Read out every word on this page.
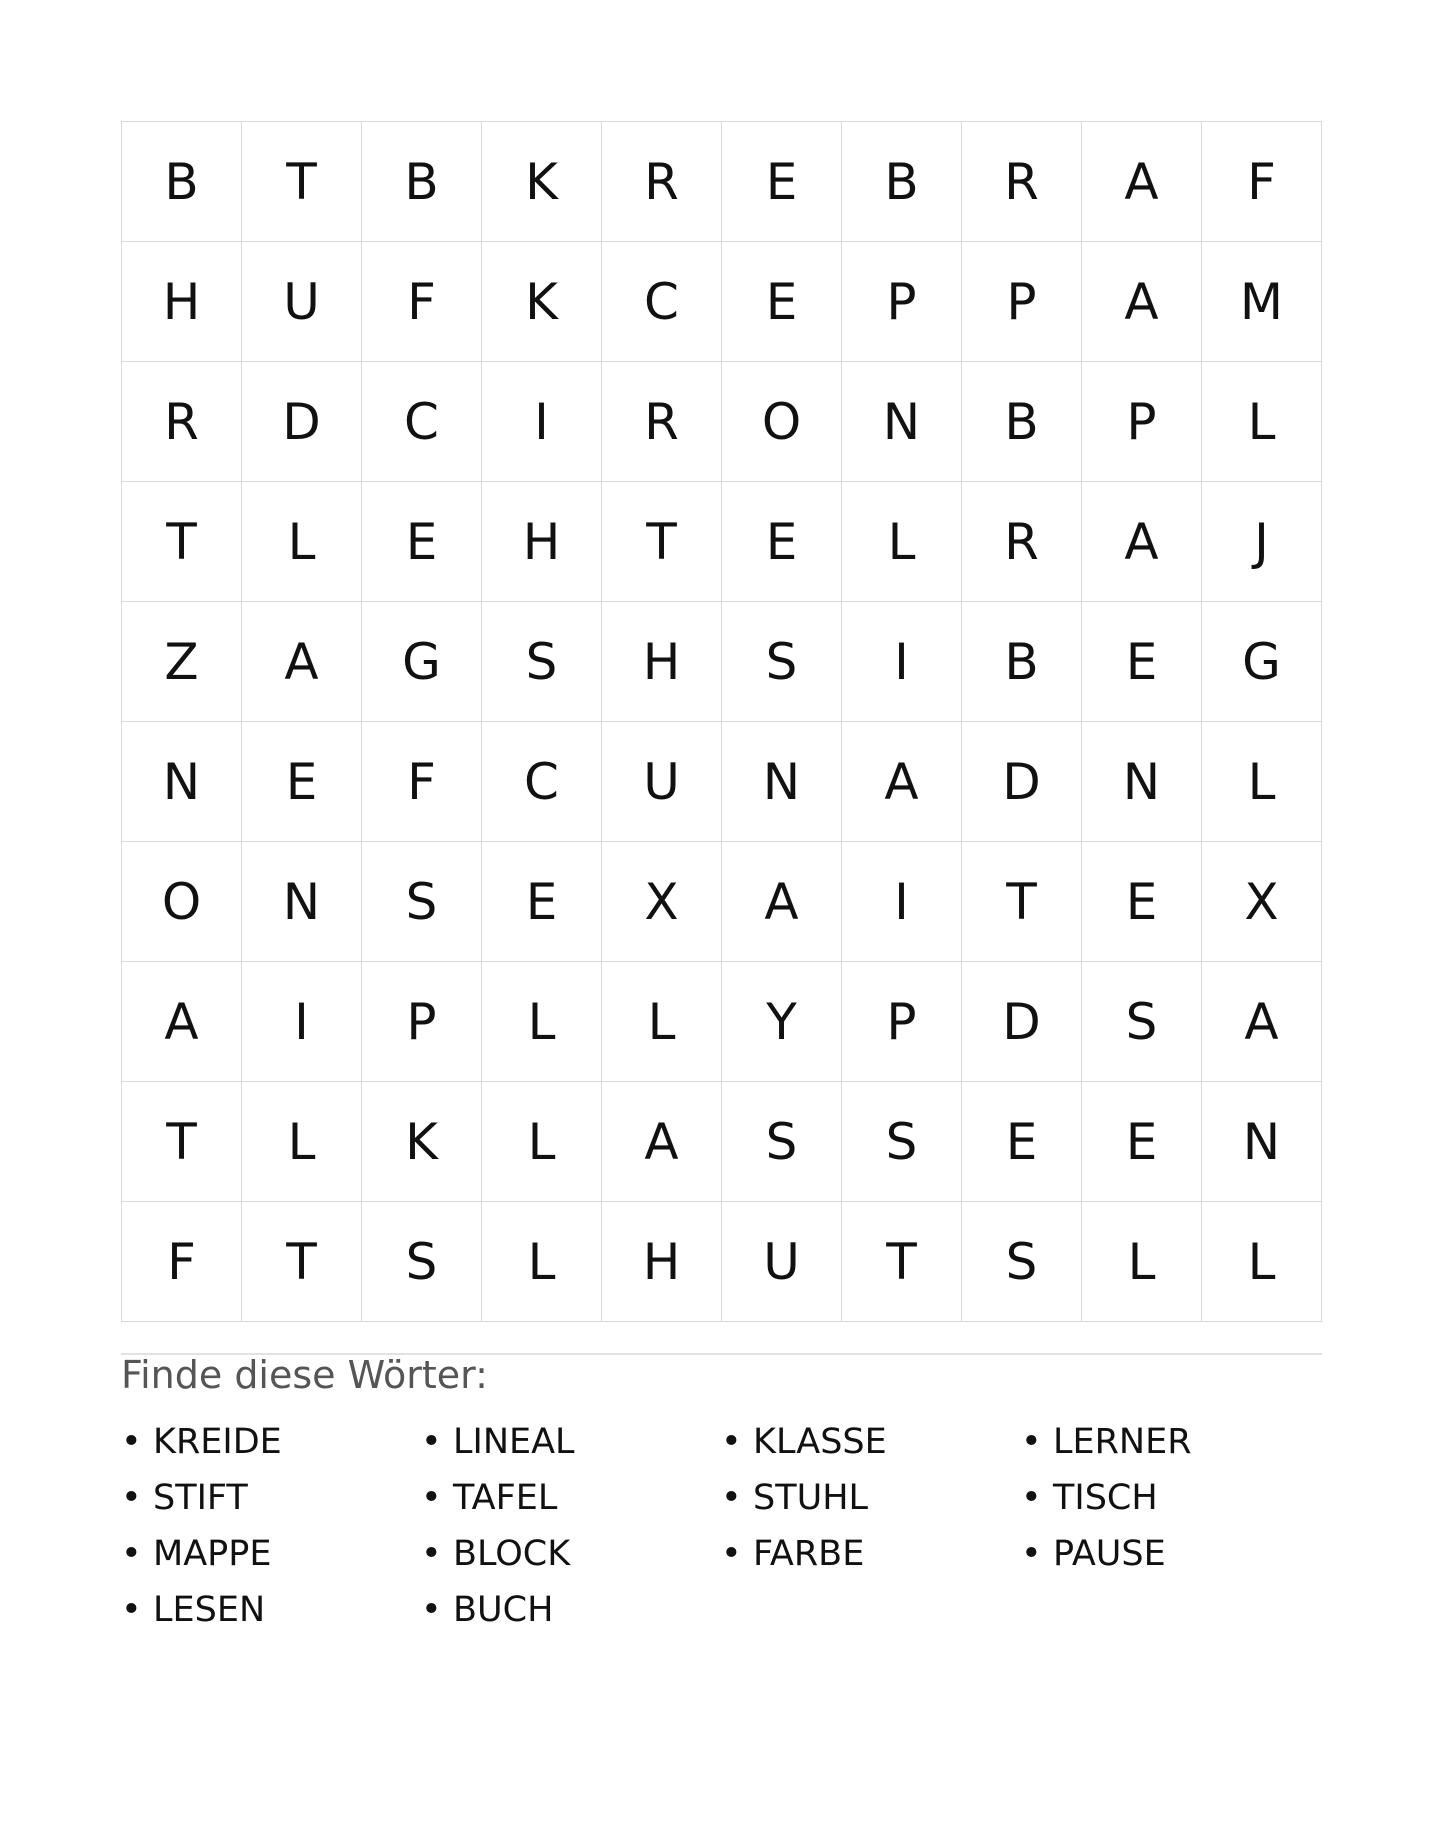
B	T	B	K	R	E	B	R	A	F
H	U	F	K	C	E	P	P	A	M
R	D	C	I	R	O	N	B	P	L
T	L	E	H	T	E	L	R	A	J
Z	A	G	S	H	S	I	B	E	G
N	E	F	C	U	N	A	D	N	L
O	N	S	E	X	A	I	T	E	X
A	I	P	L	L	Y	P	D	S	A
T	L	K	L	A	S	S	E	E	N
F	T	S	L	H	U	T	S	L	L
Finde diese Wörter:
• KREIDE	• LINEAL	• KLASSE	• LERNER
• STIFT	• TAFEL	• STUHL	• TISCH
• MAPPE	• BLOCK	• FARBE	• PAUSE
• LESEN	• BUCH
